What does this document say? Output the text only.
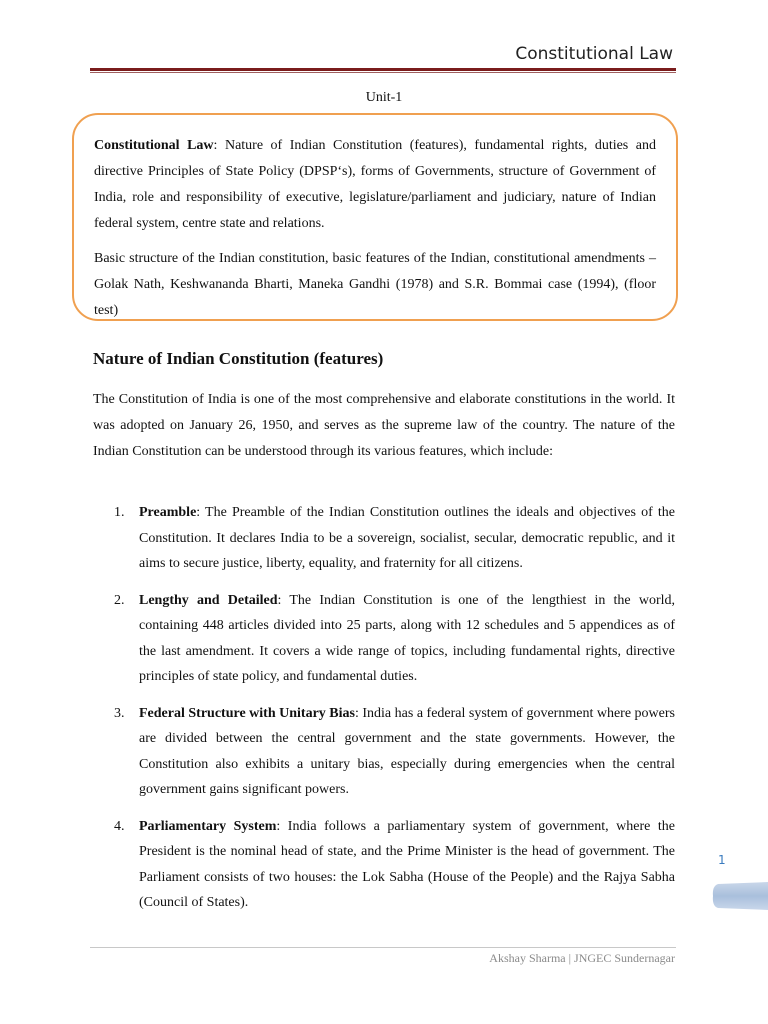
Constitutional Law
Unit-1

Constitutional Law: Nature of Indian Constitution (features), fundamental rights, duties and directive Principles of State Policy (DPSP‘s), forms of Governments, structure of Government of India, role and responsibility of executive, legislature/parliament and judiciary, nature of Indian federal system, centre state and relations.

Basic structure of the Indian constitution, basic features of the Indian, constitutional amendments – Golak Nath, Keshwananda Bharti, Maneka Gandhi (1978) and S.R. Bommai case (1994), (floor test)

Nature of Indian Constitution (features)

The Constitution of India is one of the most comprehensive and elaborate constitutions in the world. It was adopted on January 26, 1950, and serves as the supreme law of the country. The nature of the Indian Constitution can be understood through its various features, which include:

1. Preamble: The Preamble of the Indian Constitution outlines the ideals and objectives of the Constitution. It declares India to be a sovereign, socialist, secular, democratic republic, and it aims to secure justice, liberty, equality, and fraternity for all citizens.
2. Lengthy and Detailed: The Indian Constitution is one of the lengthiest in the world, containing 448 articles divided into 25 parts, along with 12 schedules and 5 appendices as of the last amendment. It covers a wide range of topics, including fundamental rights, directive principles of state policy, and fundamental duties.
3. Federal Structure with Unitary Bias: India has a federal system of government where powers are divided between the central government and the state governments. However, the Constitution also exhibits a unitary bias, especially during emergencies when the central government gains significant powers.
4. Parliamentary System: India follows a parliamentary system of government, where the President is the nominal head of state, and the Prime Minister is the head of government. The Parliament consists of two houses: the Lok Sabha (House of the People) and the Rajya Sabha (Council of States).
1
Akshay Sharma | JNGEC Sundernagar
